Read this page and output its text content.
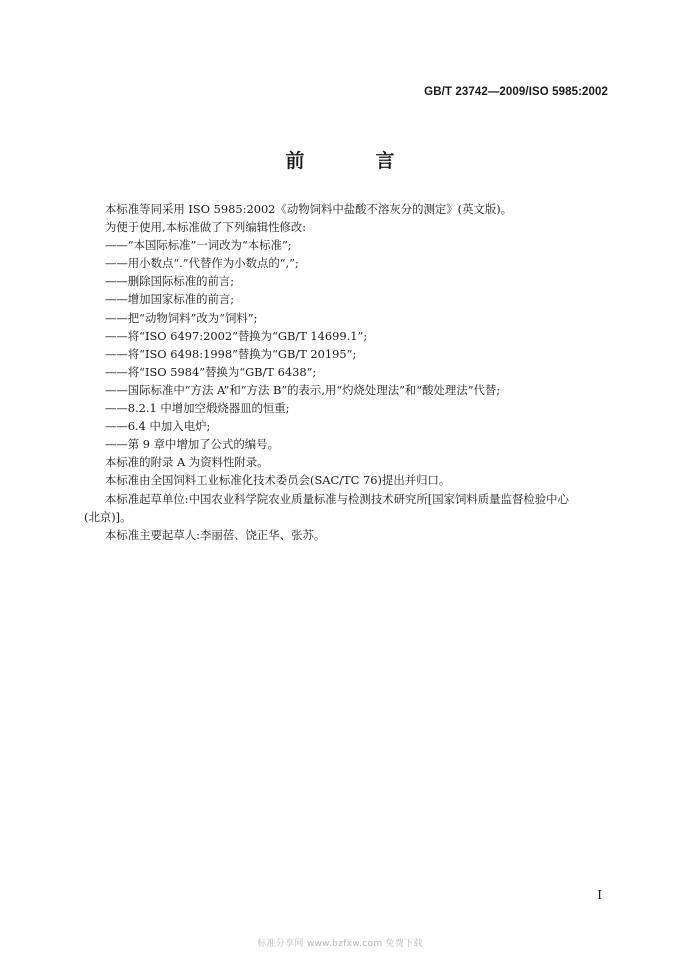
GB/T 23742—2009/ISO 5985:2002
前　言
本标准等同采用 ISO 5985:2002《动物饲料中盐酸不溶灰分的测定》(英文版)。
为便于使用,本标准做了下列编辑性修改:
——“本国际标准”一词改为“本标准”;
——用小数点“.”代替作为小数点的“,”;
——删除国际标准的前言;
——增加国家标准的前言;
——把“动物饲料”改为“饲料”;
——将“ISO 6497:2002”替换为“GB/T 14699.1”;
——将“ISO 6498:1998”替换为“GB/T 20195”;
——将“ISO 5984”替换为“GB/T 6438”;
——国际标准中“方法 A”和“方法 B”的表示,用“灼烧处理法”和“酸处理法”代替;
——8.2.1 中增加空煅烧器皿的恒重;
——6.4 中加入电炉;
——第 9 章中增加了公式的编号。
本标准的附录 A 为资料性附录。
本标准由全国饲料工业标准化技术委员会(SAC/TC 76)提出并归口。
本标准起草单位:中国农业科学院农业质量标准与检测技术研究所[国家饲料质量监督检验中心
(北京)]。
本标准主要起草人:李丽蓓、饶正华、张苏。
I
标准分享网 www.bzfxw.com 免费下载
